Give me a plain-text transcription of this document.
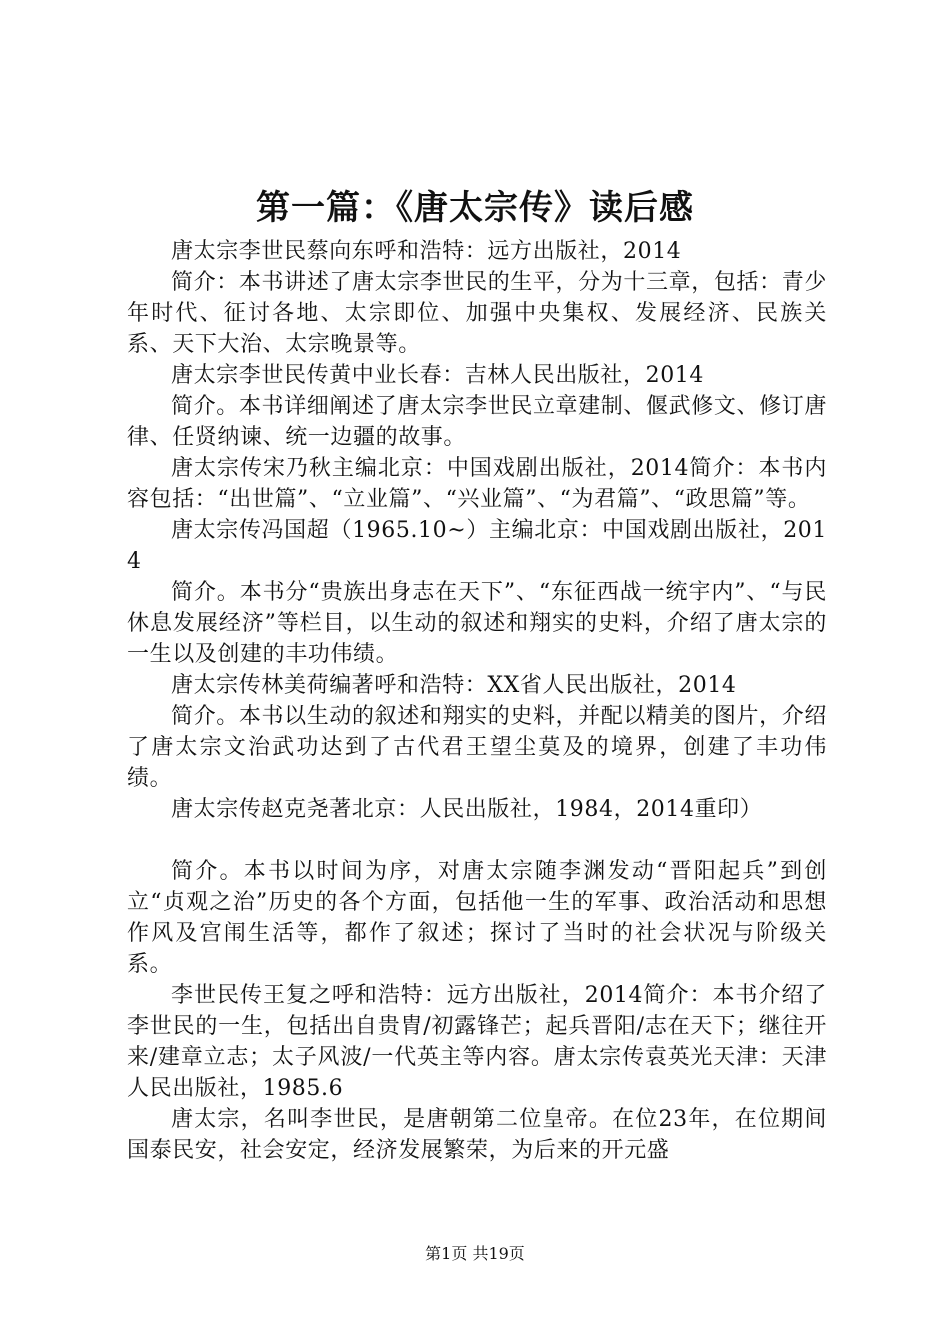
第一篇：《唐太宗传》读后感

唐太宗李世民蔡向东呼和浩特：远方出版社，2014

简介：本书讲述了唐太宗李世民的生平，分为十三章，包括：青少年时代、征讨各地、太宗即位、加强中央集权、发展经济、民族关系、天下大治、太宗晚景等。

唐太宗李世民传黄中业长春：吉林人民出版社，2014

简介。本书详细阐述了唐太宗李世民立章建制、偃武修文、修订唐律、任贤纳谏、统一边疆的故事。

唐太宗传宋乃秋主编北京：中国戏剧出版社，2014简介：本书内容包括：“出世篇”、“立业篇”、“兴业篇”、“为君篇”、“政思篇”等。

唐太宗传冯国超（1965.10~）主编北京：中国戏剧出版社，2014

简介。本书分“贵族出身志在天下”、“东征西战一统宇内”、“与民休息发展经济”等栏目，以生动的叙述和翔实的史料，介绍了唐太宗的一生以及创建的丰功伟绩。

唐太宗传林美荷编著呼和浩特：XX省人民出版社，2014

简介。本书以生动的叙述和翔实的史料，并配以精美的图片，介绍了唐太宗文治武功达到了古代君王望尘莫及的境界，创建了丰功伟绩。

唐太宗传赵克尧著北京：人民出版社，1984，2014重印）

简介。本书以时间为序，对唐太宗随李渊发动“晋阳起兵”到创立“贞观之治”历史的各个方面，包括他一生的军事、政治活动和思想作风及宫闱生活等，都作了叙述；探讨了当时的社会状况与阶级关系。

李世民传王复之呼和浩特：远方出版社，2014简介：本书介绍了李世民的一生，包括出自贵胄/初露锋芒；起兵晋阳/志在天下；继往开来/建章立志；太子风波/一代英主等内容。唐太宗传袁英光天津：天津人民出版社，1985.6

唐太宗，名叫李世民，是唐朝第二位皇帝。在位23年，在位期间国泰民安，社会安定，经济发展繁荣，为后来的开元盛

第1页 共19页
